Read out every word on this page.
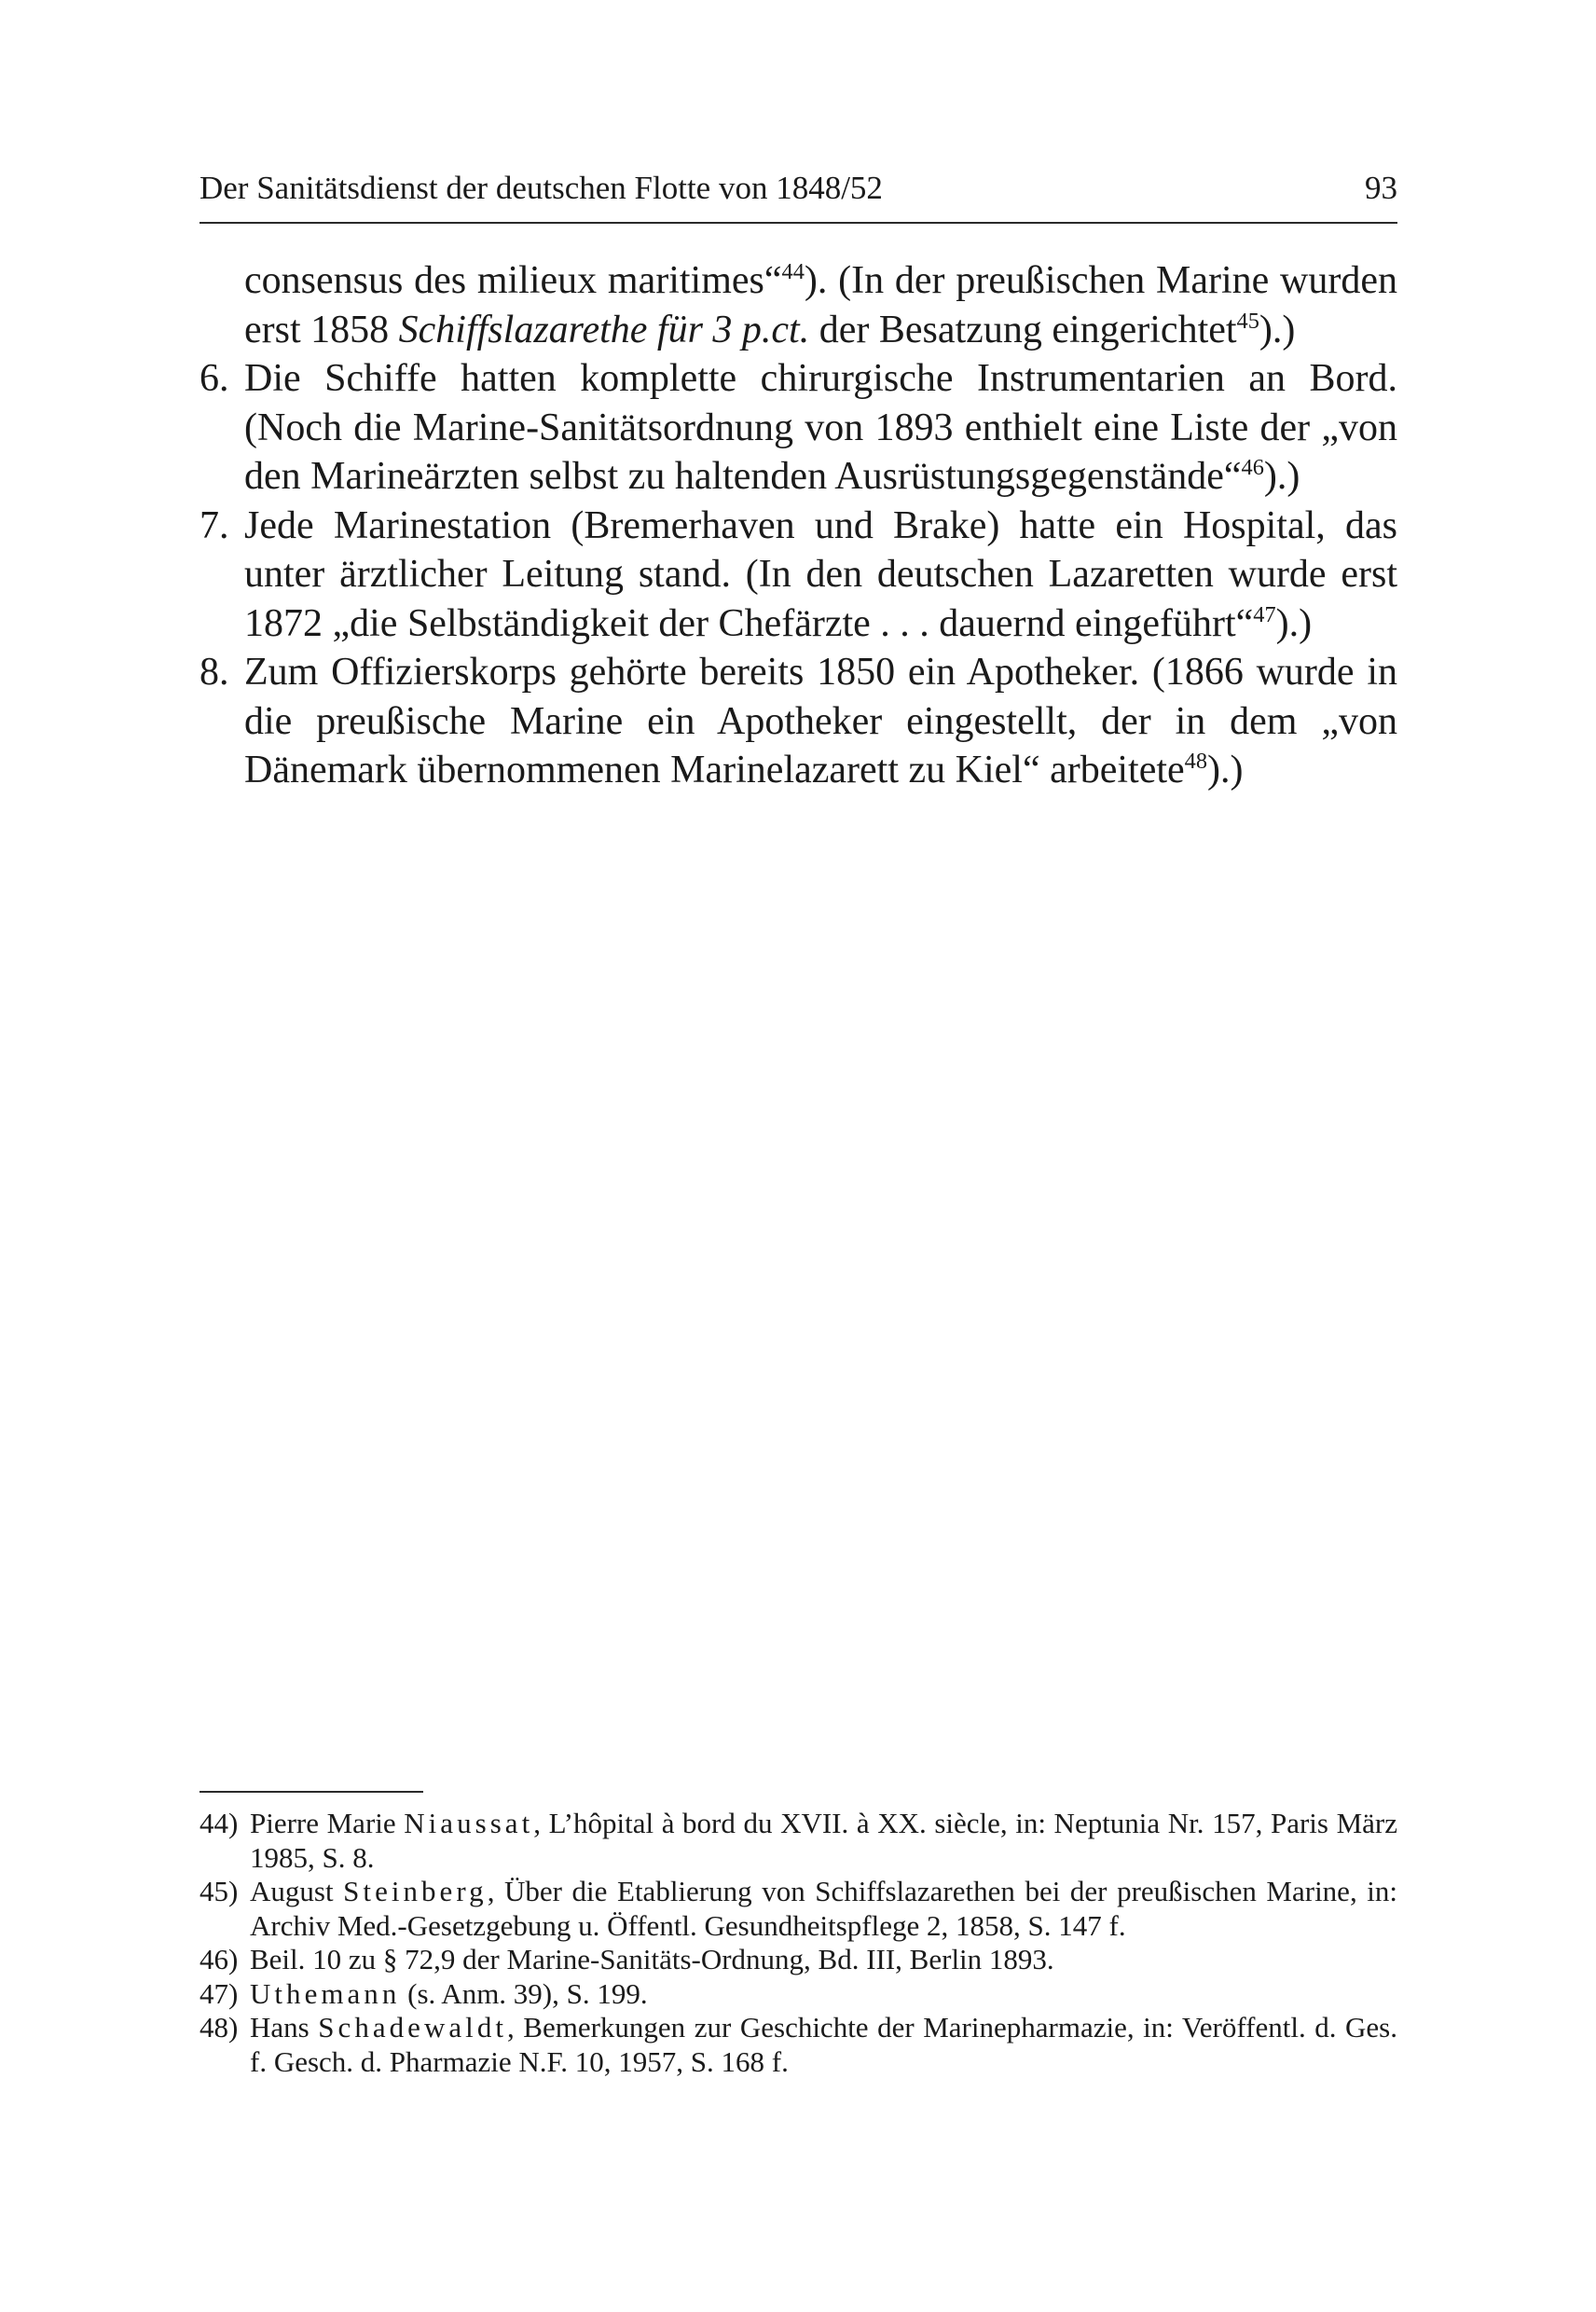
Der Sanitätsdienst der deutschen Flotte von 1848/52	93

consensus des milieux maritimes“$^{44}$). (In der preußischen Marine wurden erst 1858 Schiffslazarethe für 3 p.ct. der Besatzung eingerichtet$^{45}$).)

6. Die Schiffe hatten komplette chirurgische Instrumentarien an Bord. (Noch die Marine-Sanitätsordnung von 1893 enthielt eine Liste der „von den Marineärzten selbst zu haltenden Ausrüstungsgegenstände“$^{46}$).)

7. Jede Marinestation (Bremerhaven und Brake) hatte ein Hospital, das unter ärztlicher Leitung stand. (In den deutschen Lazaretten wurde erst 1872 „die Selbständigkeit der Chefärzte . . . dauernd eingeführt“$^{47}$).)

8. Zum Offizierskorps gehörte bereits 1850 ein Apotheker. (1866 wurde in die preußische Marine ein Apotheker eingestellt, der in dem „von Dänemark übernommenen Marinelazarett zu Kiel“ arbeitete$^{48}$).)

44) Pierre Marie Niaussat, L’hôpital à bord du XVII. à XX. siècle, in: Neptunia Nr. 157, Paris März 1985, S. 8.

45) August Steinberg, Über die Etablierung von Schiffslazarethen bei der preußischen Marine, in: Archiv Med.-Gesetzgebung u. Öffentl. Gesundheitspflege 2, 1858, S. 147 f.

46) Beil. 10 zu § 72,9 der Marine-Sanitäts-Ordnung, Bd. III, Berlin 1893.

47) Uthemann (s. Anm. 39), S. 199.

48) Hans Schadewaldt, Bemerkungen zur Geschichte der Marinepharmazie, in: Veröffentl. d. Ges. f. Gesch. d. Pharmazie N.F. 10, 1957, S. 168 f.
